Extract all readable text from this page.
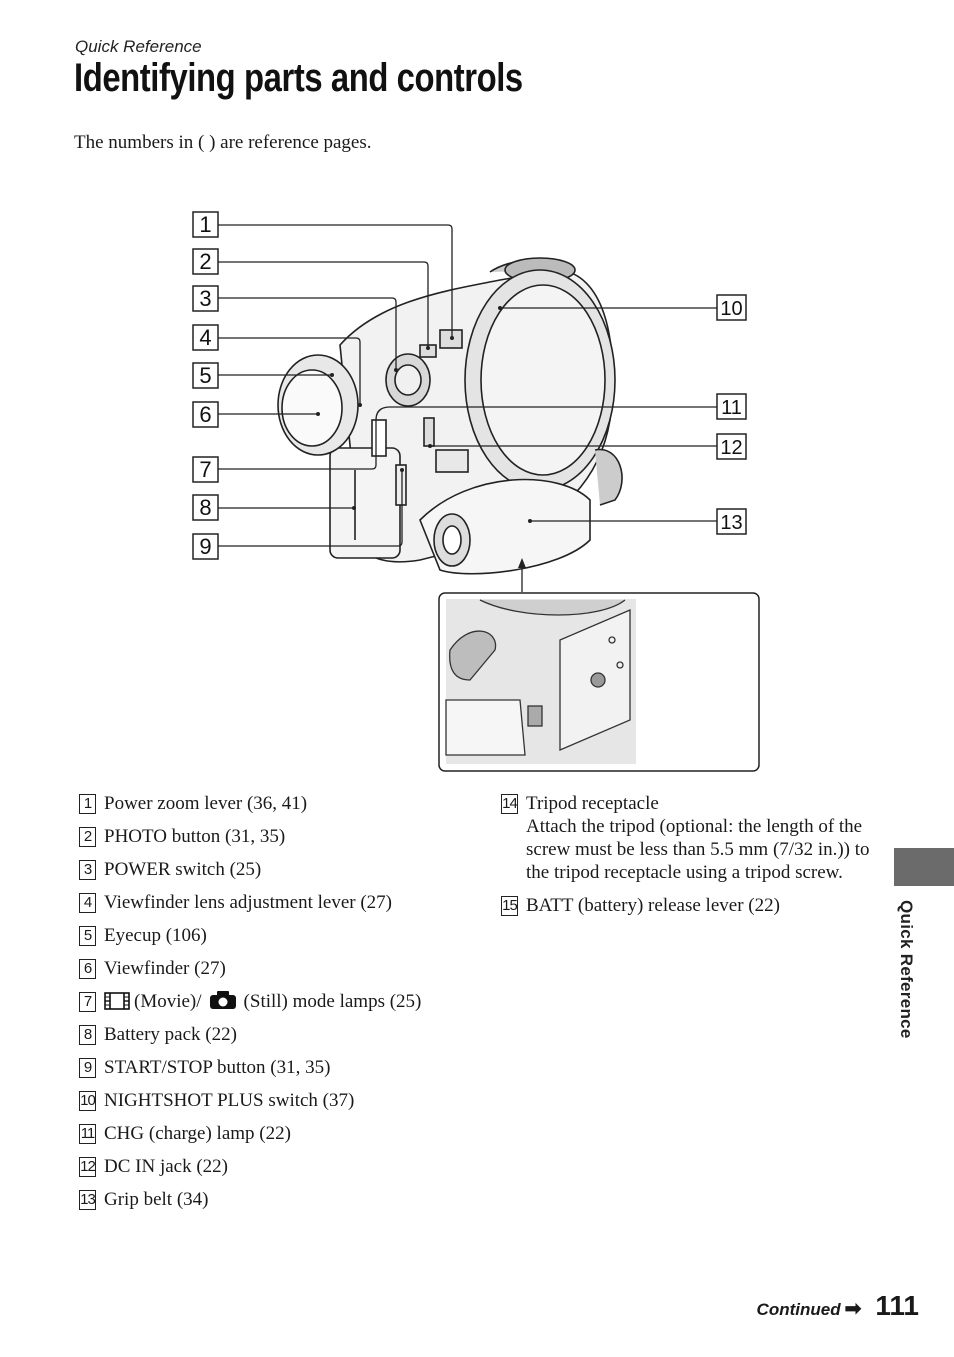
Quick Reference
Identifying parts and controls
The numbers in ( ) are reference pages.
1
2
3
4
5
6
7
8
9
10
11
12
13
1 Power zoom lever (36, 41)
2 PHOTO button (31, 35)
3 POWER switch (25)
4 Viewfinder lens adjustment lever (27)
5 Eyecup (106)
6 Viewfinder (27)
7	(Movie)/ (Still) mode lamps (25)
8 Battery pack (22)
9 START/STOP button (31, 35)
10 NIGHTSHOT PLUS switch (37)
11 CHG (charge) lamp (22)
12 DC IN jack (22)
13 Grip belt (34)
14 Tripod receptacle
Attach the tripod (optional: the length of the screw must be less than 5.5 mm (7/32 in.)) to the tripod receptacle using a tripod screw.
15 BATT (battery) release lever (22)	Quick Reference
Continued ➡ 111
